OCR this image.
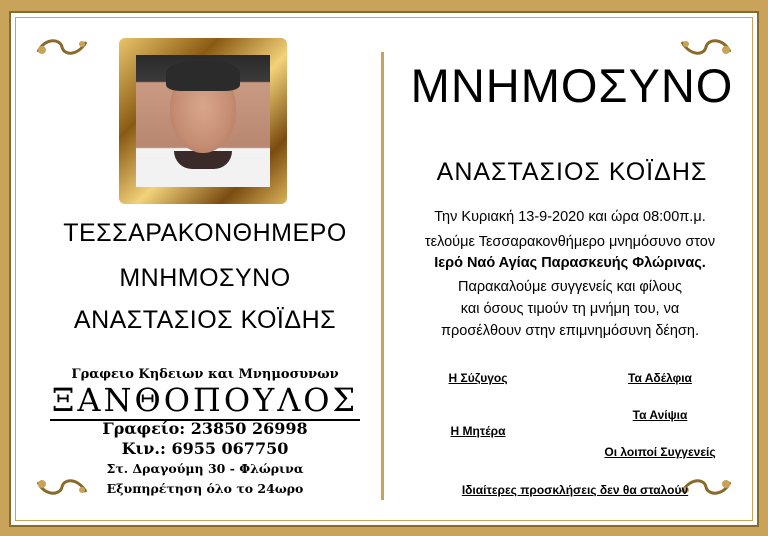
ΤΕΣΣΑΡΑΚΟΝΘΗΜΕΡΟ
ΜΝΗΜΟΣΥΝΟ
ΑΝΑΣΤΑΣΙΟΣ ΚΟΪΔΗΣ
Γραφειο Κηδειων και Μνημοσυνων
ΞΑΝΘΟΠΟΥΛΟΣ
Γραφείο: 23850 26998
Κιν.: 6955 067750
Στ. Δραγούμη 30 - Φλώρινα
Εξυπηρέτηση όλο το 24ωρο
ΜΝΗΜΟΣΥΝΟ
ΑΝΑΣΤΑΣΙΟΣ ΚΟΪΔΗΣ
Την Κυριακή 13-9-2020 και ώρα 08:00π.μ.
τελούμε Τεσσαρακονθήμερο μνημόσυνο στον
Ιερό Ναό Αγίας Παρασκευής Φλώρινας.
Παρακαλούμε συγγενείς και φίλους
και όσους τιμούν τη μνήμη του, να
προσέλθουν στην επιμνημόσυνη δέηση.
Η Σύζυγος	Τα Αδέλφια
Τα Ανίψια
Η Μητέρα
Οι λοιποί Συγγενείς
Ιδιαίτερες προσκλήσεις δεν θα σταλούν
